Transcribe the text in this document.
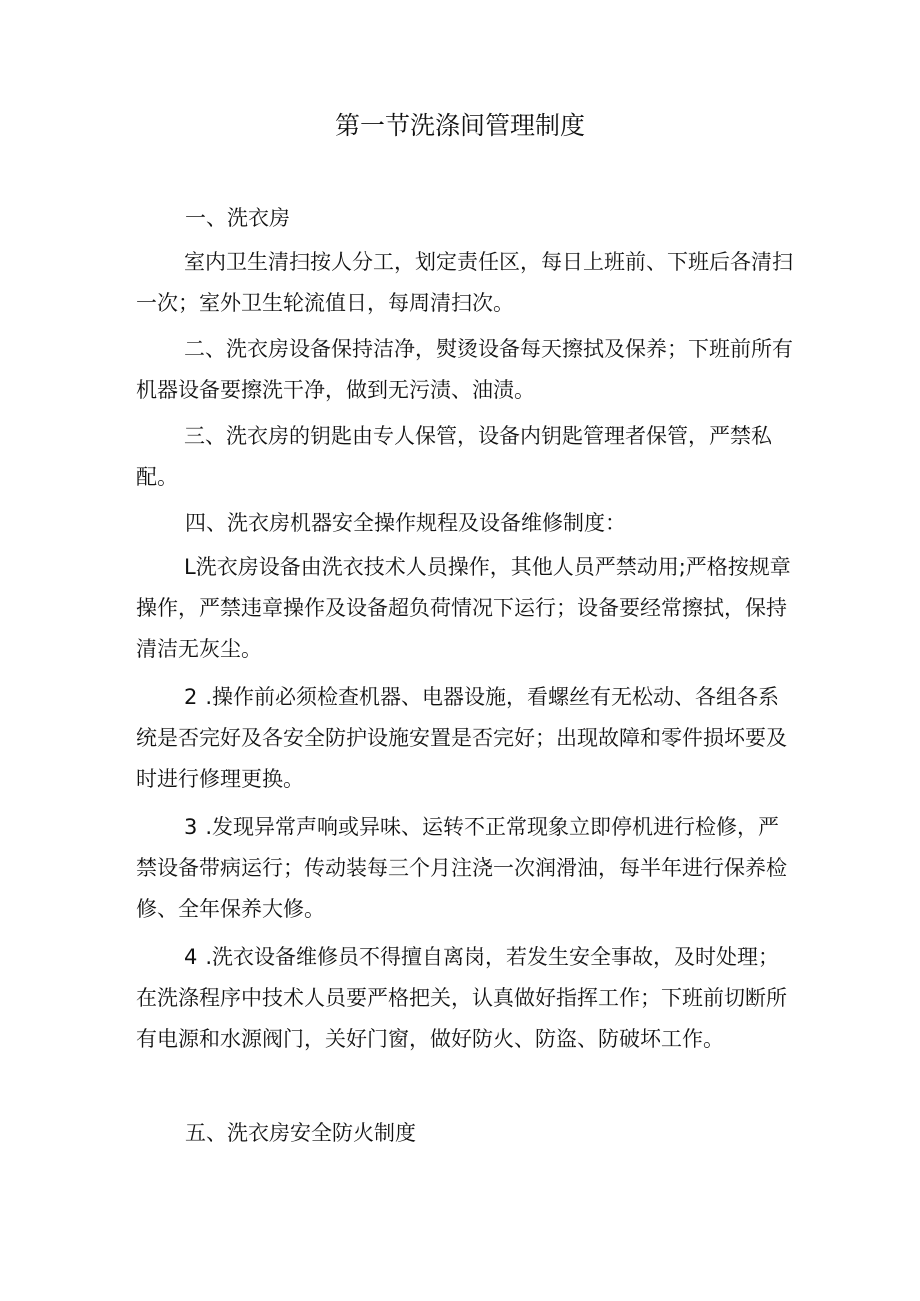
第一节洗涤间管理制度
一、洗衣房
室内卫生清扫按人分工，划定责任区，每日上班前、下班后各清扫一次；室外卫生轮流值日，每周清扫次。
二、洗衣房设备保持洁净，熨烫设备每天擦拭及保养；下班前所有机器设备要擦洗干净，做到无污渍、油渍。
三、洗衣房的钥匙由专人保管，设备内钥匙管理者保管，严禁私配。
四、洗衣房机器安全操作规程及设备维修制度：
L洗衣房设备由洗衣技术人员操作，其他人员严禁动用;严格按规章操作，严禁违章操作及设备超负荷情况下运行；设备要经常擦拭，保持清洁无灰尘。
2 .操作前必须检查机器、电器设施，看螺丝有无松动、各组各系统是否完好及各安全防护设施安置是否完好；出现故障和零件损坏要及时进行修理更换。
3 .发现异常声响或异味、运转不正常现象立即停机进行检修，严禁设备带病运行；传动装每三个月注浇一次润滑油，每半年进行保养检修、全年保养大修。
4 .洗衣设备维修员不得擅自离岗，若发生安全事故，及时处理；在洗涤程序中技术人员要严格把关，认真做好指挥工作；下班前切断所有电源和水源阀门，关好门窗，做好防火、防盗、防破坏工作。
五、洗衣房安全防火制度
